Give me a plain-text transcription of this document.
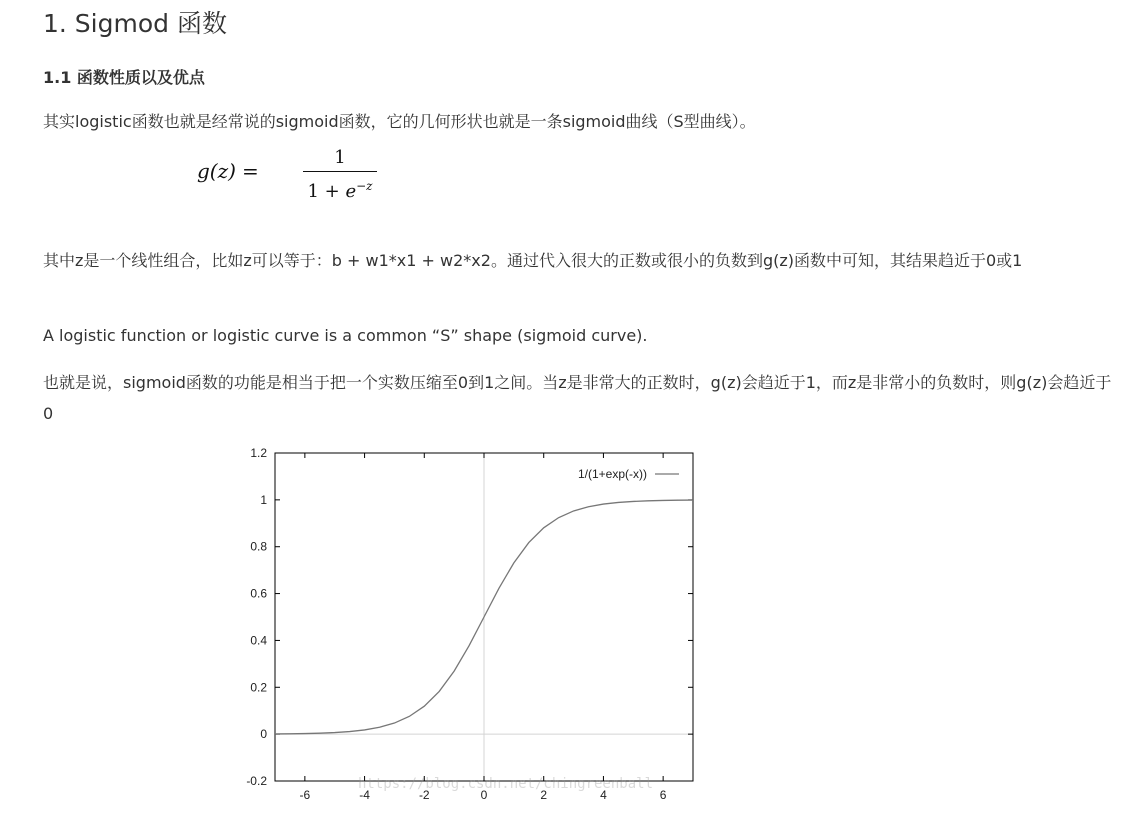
1. Sigmod 函数
1.1 函数性质以及优点

其实logistic函数也就是经常说的sigmoid函数，它的几何形状也就是一条sigmoid曲线（S型曲线）。

g(z) =
1
$1 + e^{-z}$

其中z是一个线性组合，比如z可以等于：b + w1*x1 + w2*x2。通过代入很大的正数或很小的负数到g(z)函数中可知，其结果趋近于0或1

A logistic function or logistic curve is a common “S” shape (sigmoid curve).

也就是说，sigmoid函数的功能是相当于把一个实数压缩至0到1之间。当z是非常大的正数时，g(z)会趋近于1，而z是非常小的负数时，则g(z)会趋近于0

-0.2
0
0.2
0.4
0.6
0.8
1
1.2
-6	-4	-2	0	2	4	6
1/(1+exp(-x))
https://blog.csdn.net/chingreenball
